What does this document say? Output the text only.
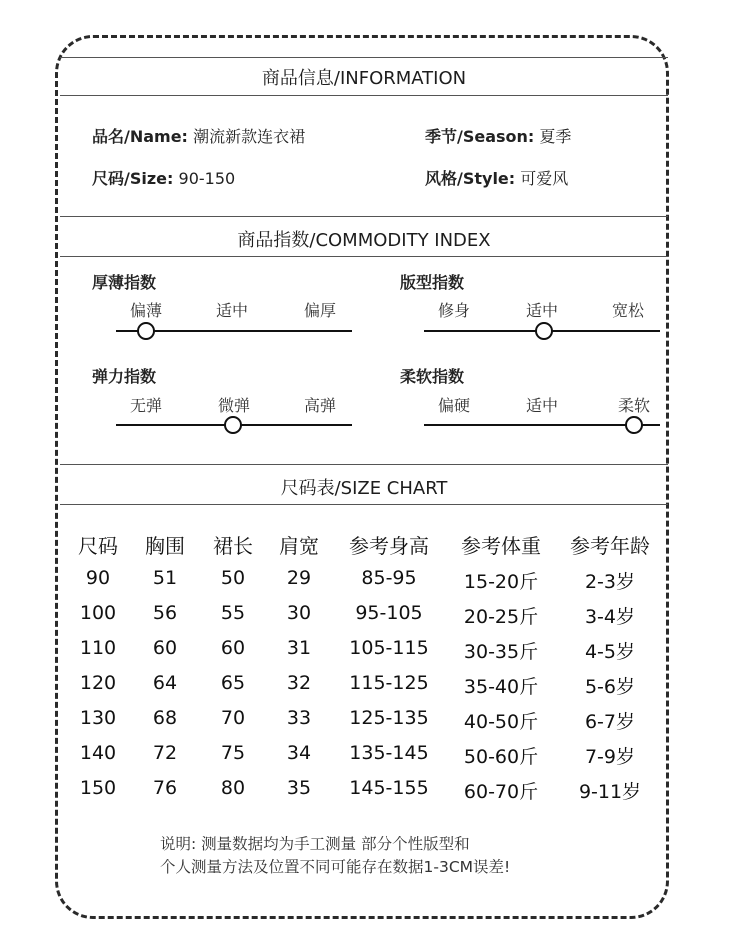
商品信息/INFORMATION
品名/Name: 潮流新款连衣裙	季节/Season: 夏季
尺码/Size: 90-150	风格/Style: 可爱风
商品指数/COMMODITY INDEX
厚薄指数
偏薄	适中	偏厚
版型指数
修身	适中	宽松
弹力指数
无弹	微弹	高弹
柔软指数
偏硬	适中	柔软
尺码表/SIZE CHART
尺码	胸围	裙长	肩宽	参考身高	参考体重	参考年龄
90	51	50	29	85-95	15-20斤	2-3岁
100	56	55	30	95-105	20-25斤	3-4岁
110	60	60	31	105-115	30-35斤	4-5岁
120	64	65	32	115-125	35-40斤	5-6岁
130	68	70	33	125-135	40-50斤	6-7岁
140	72	75	34	135-145	50-60斤	7-9岁
150	76	80	35	145-155	60-70斤	9-11岁
说明: 测量数据均为手工测量 部分个性版型和
个人测量方法及位置不同可能存在数据1-3CM误差!
